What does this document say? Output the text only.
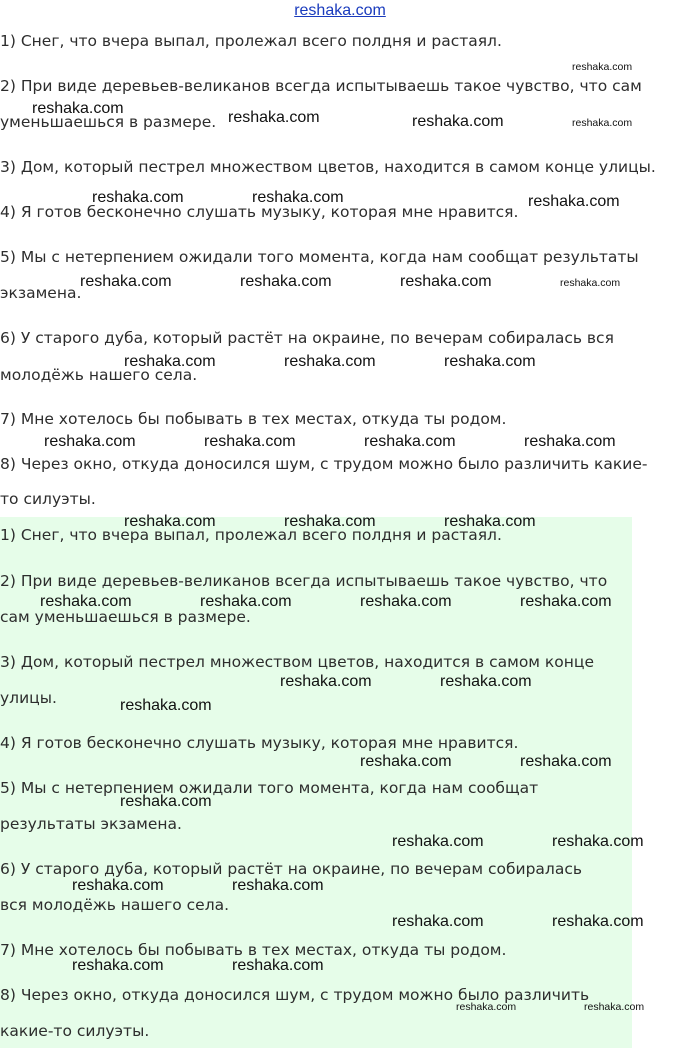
reshaka.com
1) Снег, что вчера выпал, пролежал всего полдня и растаял.
2) При виде деревьев-великанов всегда испытываешь такое чувство, что сам
уменьшаешься в размере.
3) Дом, который пестрел множеством цветов, находится в самом конце улицы.
4) Я готов бесконечно слушать музыку, которая мне нравится.
5) Мы с нетерпением ожидали того момента, когда нам сообщат результаты
экзамена.
6) У старого дуба, который растёт на окраине, по вечерам собиралась вся
молодёжь нашего села.
7) Мне хотелось бы побывать в тех местах, откуда ты родом.
8) Через окно, откуда доносился шум, с трудом можно было различить какие-
то силуэты.
1) Снег, что вчера выпал, пролежал всего полдня и растаял.
2) При виде деревьев-великанов всегда испытываешь такое чувство, что
сам уменьшаешься в размере.
3) Дом, который пестрел множеством цветов, находится в самом конце
улицы.
4) Я готов бесконечно слушать музыку, которая мне нравится.
5) Мы с нетерпением ожидали того момента, когда нам сообщат
результаты экзамена.
6) У старого дуба, который растёт на окраине, по вечерам собиралась
вся молодёжь нашего села.
7) Мне хотелось бы побывать в тех местах, откуда ты родом.
8) Через окно, откуда доносился шум, с трудом можно было различить
какие-то силуэты.
reshaka.com
reshaka.com
reshaka.com	reshaka.com	reshaka.com
reshaka.com	reshaka.com	reshaka.com
reshaka.com	reshaka.com	reshaka.com	reshaka.com
reshaka.com	reshaka.com	reshaka.com
reshaka.com	reshaka.com	reshaka.com	reshaka.com
reshaka.com	reshaka.com	reshaka.com
reshaka.com	reshaka.com	reshaka.com	reshaka.com
reshaka.com	reshaka.com
reshaka.com
reshaka.com	reshaka.com
reshaka.com
reshaka.com	reshaka.com
reshaka.com	reshaka.com
reshaka.com	reshaka.com
reshaka.com	reshaka.com
reshaka.com	reshaka.com
